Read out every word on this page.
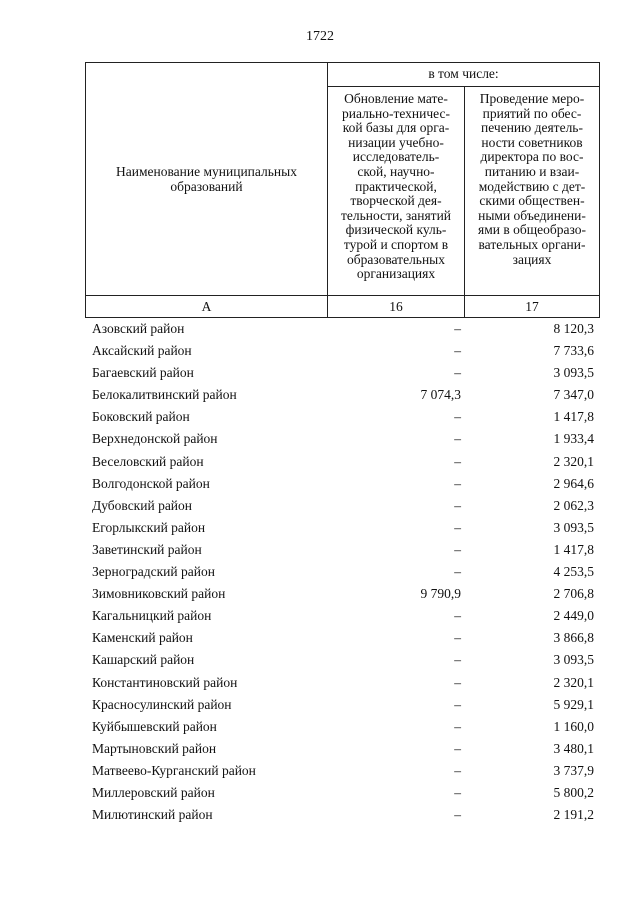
1722
Наименование муниципальных образований
в том числе:
Обновление мате-
риально-техничес-
кой базы для орга-
низации учебно-
исследователь-
ской, научно-
практической,
творческой дея-
тельности, занятий
физической куль-
турой и спортом в
образовательных
организациях
Проведение меро-
приятий по обес-
печению деятель-
ности советников
директора по вос-
питанию и взаи-
модействию с дет-
скими обществен-
ными объединени-
ями в общеобразо-
вательных органи-
зациях
А	16	17
Азовский район	–	8 120,3
Аксайский район	–	7 733,6
Багаевский район	–	3 093,5
Белокалитвинский район	7 074,3	7 347,0
Боковский район	–	1 417,8
Верхнедонской район	–	1 933,4
Веселовский район	–	2 320,1
Волгодонской район	–	2 964,6
Дубовский район	–	2 062,3
Егорлыкский район	–	3 093,5
Заветинский район	–	1 417,8
Зерноградский район	–	4 253,5
Зимовниковский район	9 790,9	2 706,8
Кагальницкий район	–	2 449,0
Каменский район	–	3 866,8
Кашарский район	–	3 093,5
Константиновский район	–	2 320,1
Красносулинский район	–	5 929,1
Куйбышевский район	–	1 160,0
Мартыновский район	–	3 480,1
Матвеево-Курганский район	–	3 737,9
Миллеровский район	–	5 800,2
Милютинский район	–	2 191,2
